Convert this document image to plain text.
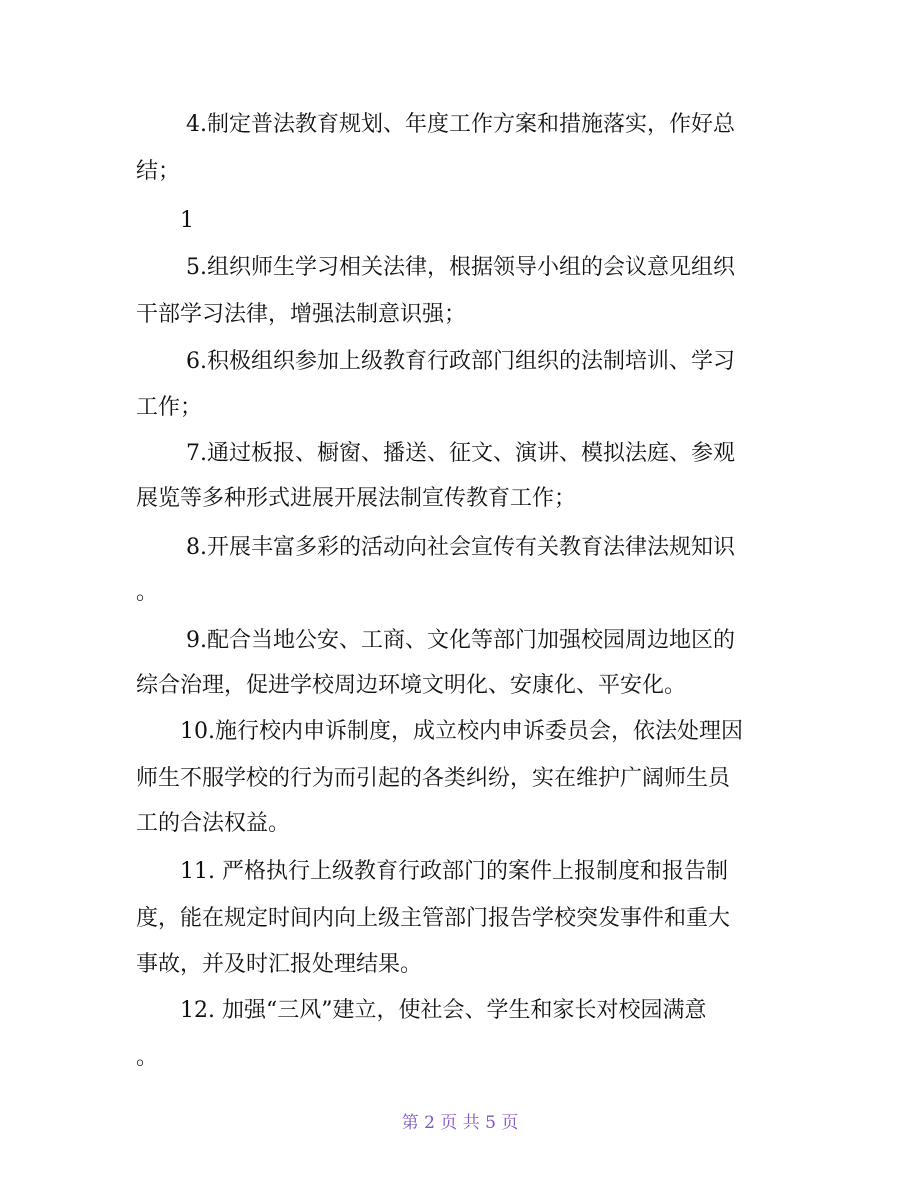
4.制定普法教育规划、年度工作方案和措施落实，作好总
结；
1
5.组织师生学习相关法律，根据领导小组的会议意见组织
干部学习法律，增强法制意识强；
6.积极组织参加上级教育行政部门组织的法制培训、学习
工作；
7.通过板报、橱窗、播送、征文、演讲、模拟法庭、参观
展览等多种形式进展开展法制宣传教育工作；
8.开展丰富多彩的活动向社会宣传有关教育法律法规知识
。
9.配合当地公安、工商、文化等部门加强校园周边地区的
综合治理，促进学校周边环境文明化、安康化、平安化。
10.施行校内申诉制度，成立校内申诉委员会，依法处理因
师生不服学校的行为而引起的各类纠纷，实在维护广阔师生员
工的合法权益。
11. 严格执行上级教育行政部门的案件上报制度和报告制
度，能在规定时间内向上级主管部门报告学校突发事件和重大
事故，并及时汇报处理结果。
12. 加强“三风”建立，使社会、学生和家长对校园满意
。
第 2 页 共 5 页
